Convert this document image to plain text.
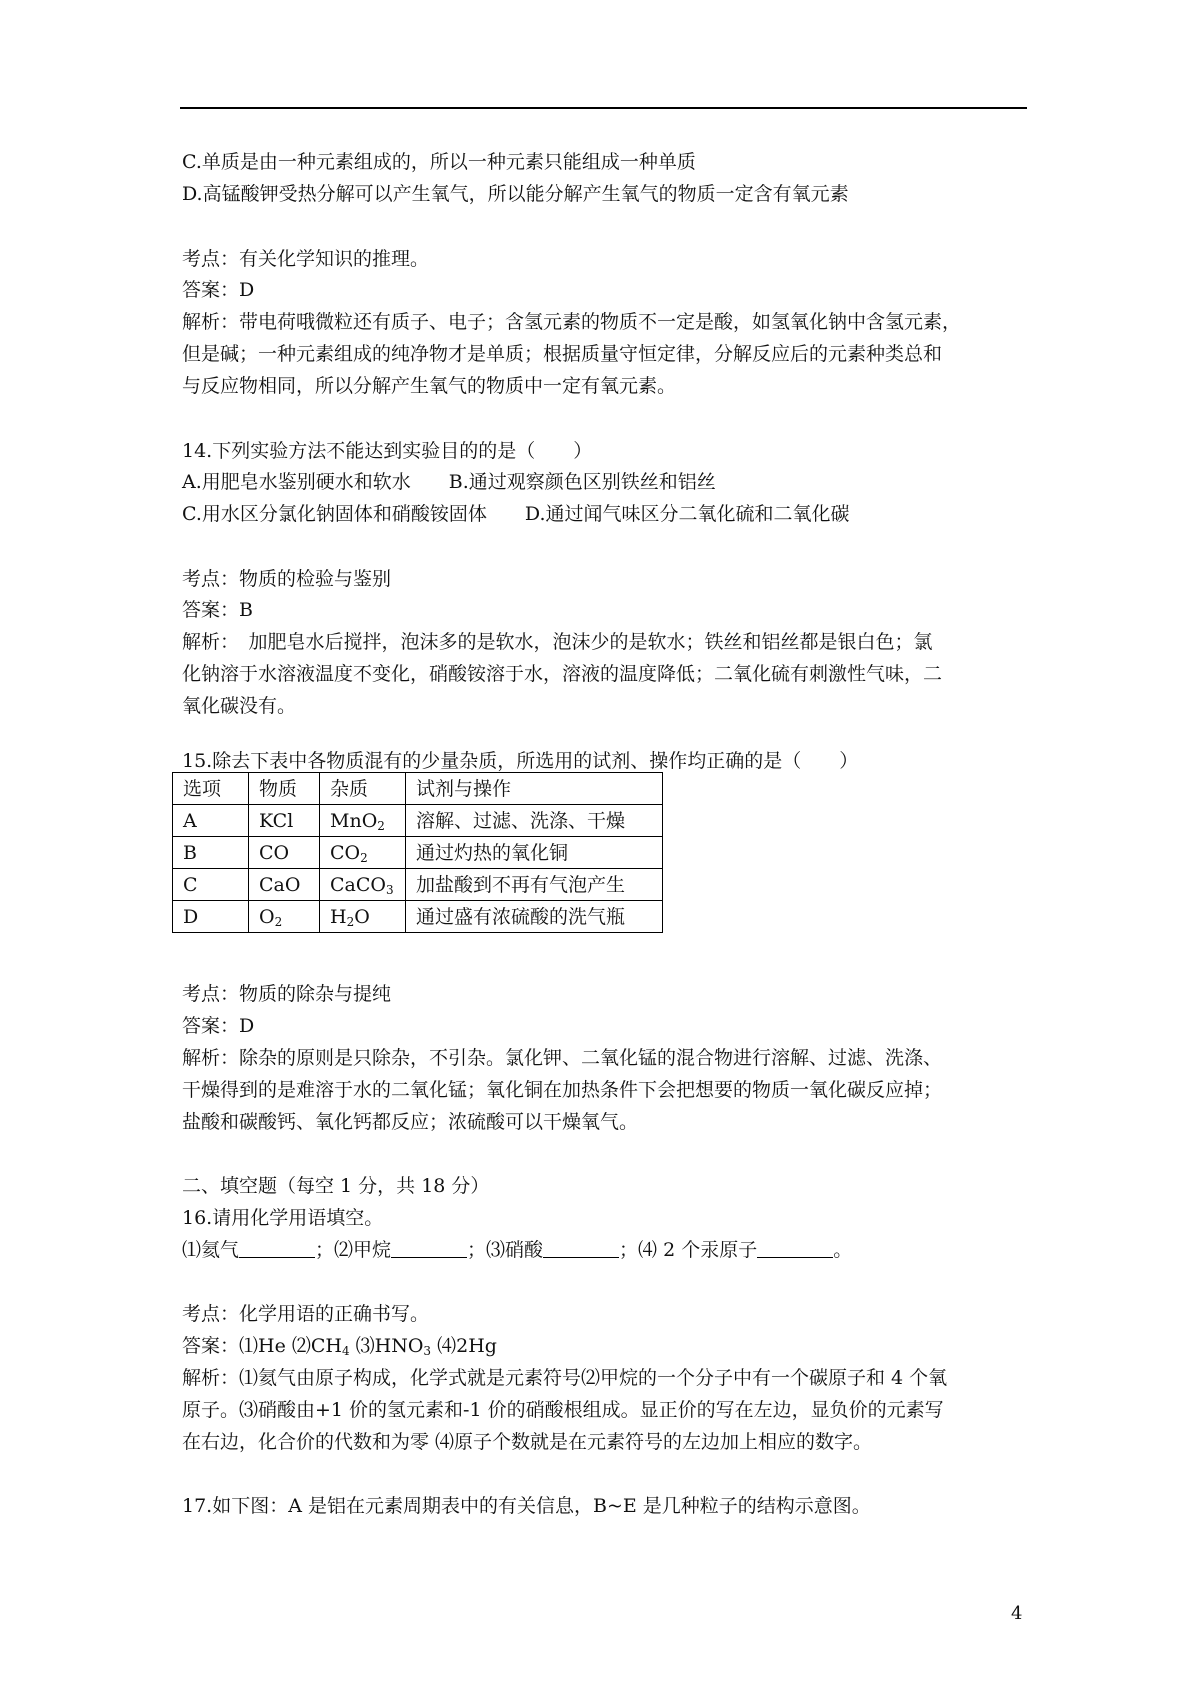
C.单质是由一种元素组成的，所以一种元素只能组成一种单质
D.高锰酸钾受热分解可以产生氧气，所以能分解产生氧气的物质一定含有氧元素
考点：有关化学知识的推理。
答案：D
解析：带电荷哦微粒还有质子、电子；含氢元素的物质不一定是酸，如氢氧化钠中含氢元素，
但是碱；一种元素组成的纯净物才是单质；根据质量守恒定律，分解反应后的元素种类总和
与反应物相同，所以分解产生氧气的物质中一定有氧元素。
14.下列实验方法不能达到实验目的的是（　　）
A.用肥皂水鉴别硬水和软水　　B.通过观察颜色区别铁丝和铝丝
C.用水区分氯化钠固体和硝酸铵固体　　D.通过闻气味区分二氧化硫和二氧化碳
考点：物质的检验与鉴别
答案：B
解析：　加肥皂水后搅拌，泡沫多的是软水，泡沫少的是软水；铁丝和铝丝都是银白色；氯
化钠溶于水溶液温度不变化，硝酸铵溶于水，溶液的温度降低；二氧化硫有刺激性气味，二
氧化碳没有。
15.除去下表中各物质混有的少量杂质，所选用的试剂、操作均正确的是（　　）
选项	物质	杂质	试剂与操作
A	KCl	MnO$_2$	溶解、过滤、洗涤、干燥
B	CO	$CO_2$	通过灼热的氧化铜
C	CaO	CaCO$_3$	加盐酸到不再有气泡产生
D	$O_2$	$H_2O$	通过盛有浓硫酸的洗气瓶
考点：物质的除杂与提纯
答案：D
解析：除杂的原则是只除杂，不引杂。氯化钾、二氧化锰的混合物进行溶解、过滤、洗涤、
干燥得到的是难溶于水的二氧化锰；氧化铜在加热条件下会把想要的物质一氧化碳反应掉；
盐酸和碳酸钙、氧化钙都反应；浓硫酸可以干燥氧气。
二、填空题（每空 1 分，共 18 分）
16.请用化学用语填空。
⑴氦气	；⑵甲烷	；⑶硝酸	；⑷ 2 个汞原子	。
考点：化学用语的正确书写。
答案：⑴He $⑵CH_4$ $⑶HNO_3$ ⑷2Hg
解析：⑴氦气由原子构成，化学式就是元素符号⑵甲烷的一个分子中有一个碳原子和 4 个氧
原子。⑶硝酸由+1 价的氢元素和-1 价的硝酸根组成。显正价的写在左边，显负价的元素写
在右边，化合价的代数和为零 ⑷原子个数就是在元素符号的左边加上相应的数字。
17.如下图：A 是铝在元素周期表中的有关信息，B~E 是几种粒子的结构示意图。
4
